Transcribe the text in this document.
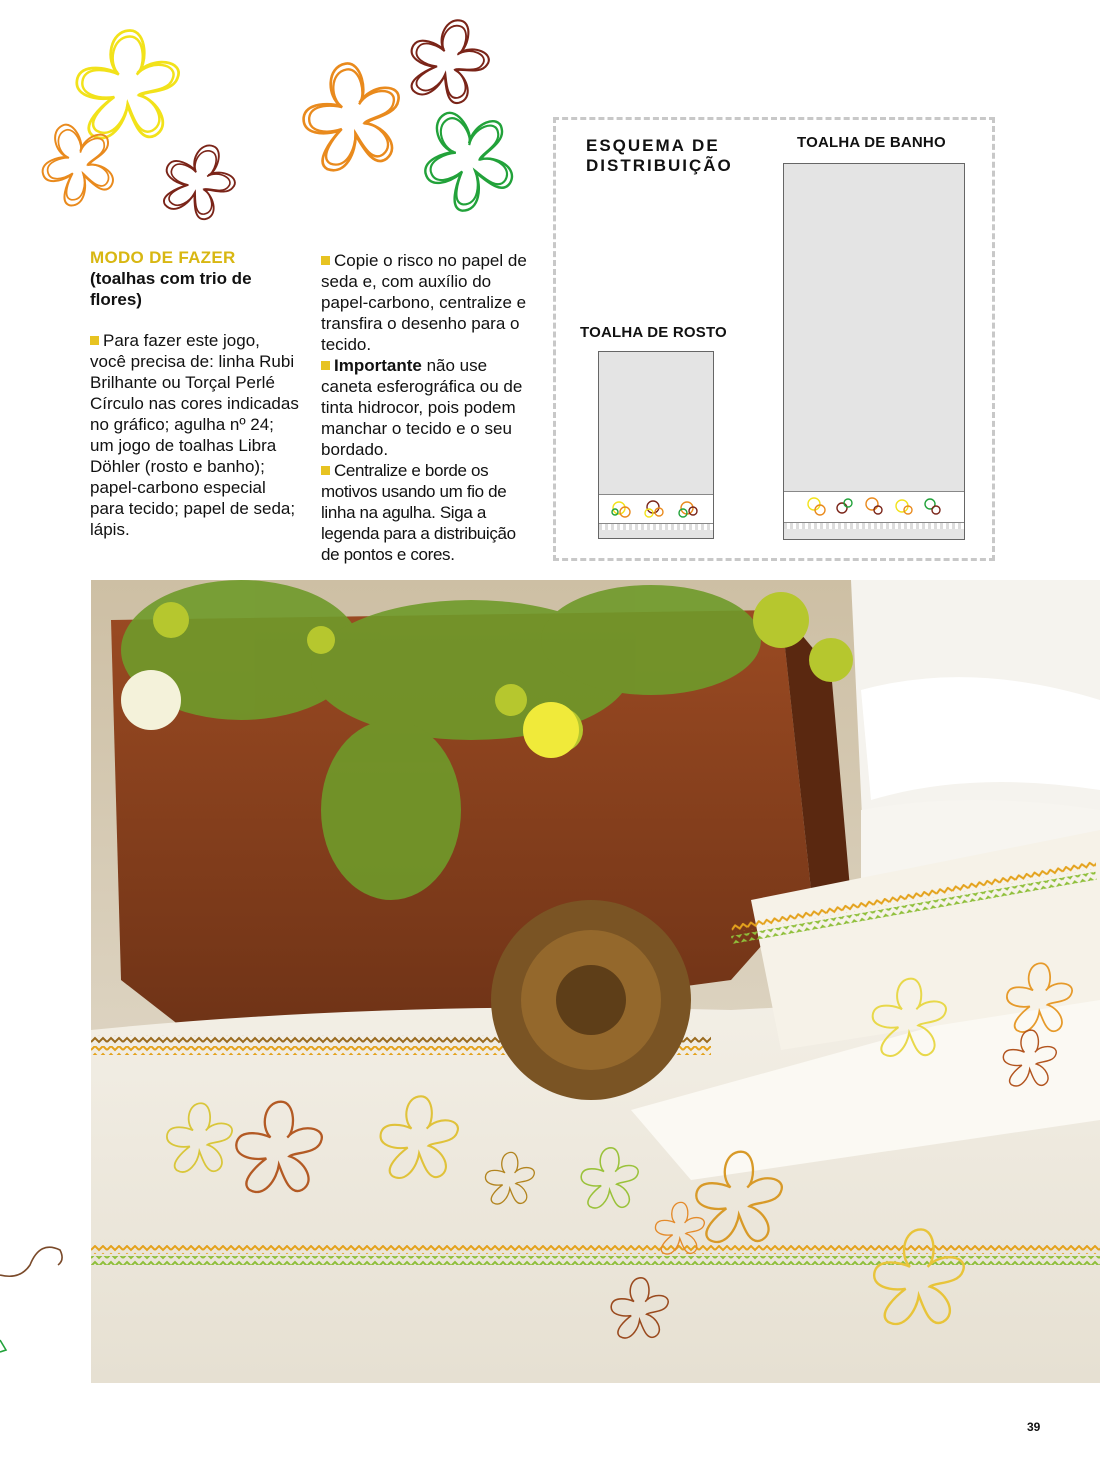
MODO DE FAZER
(toalhas com trio de flores)

Para fazer este jogo, você precisa de: linha Rubi Brilhante ou Torçal Perlé Círculo nas cores indicadas no gráfico; agulha nº 24; um jogo de toalhas Libra Döhler (rosto e banho); papel-carbono especial para tecido; papel de seda; lápis.

Copie o risco no papel de seda e, com auxílio do papel-carbono, centralize e transfira o desenho para o tecido.

Importante não use caneta esferográfica ou de tinta hidrocor, pois podem manchar o tecido e o seu bordado.

Centralize e borde os motivos usando um fio de linha na agulha. Siga a legenda para a distribuição de pontos e cores.

ESQUEMA DE DISTRIBUIÇÃO
TOALHA DE ROSTO
TOALHA DE BANHO
39
